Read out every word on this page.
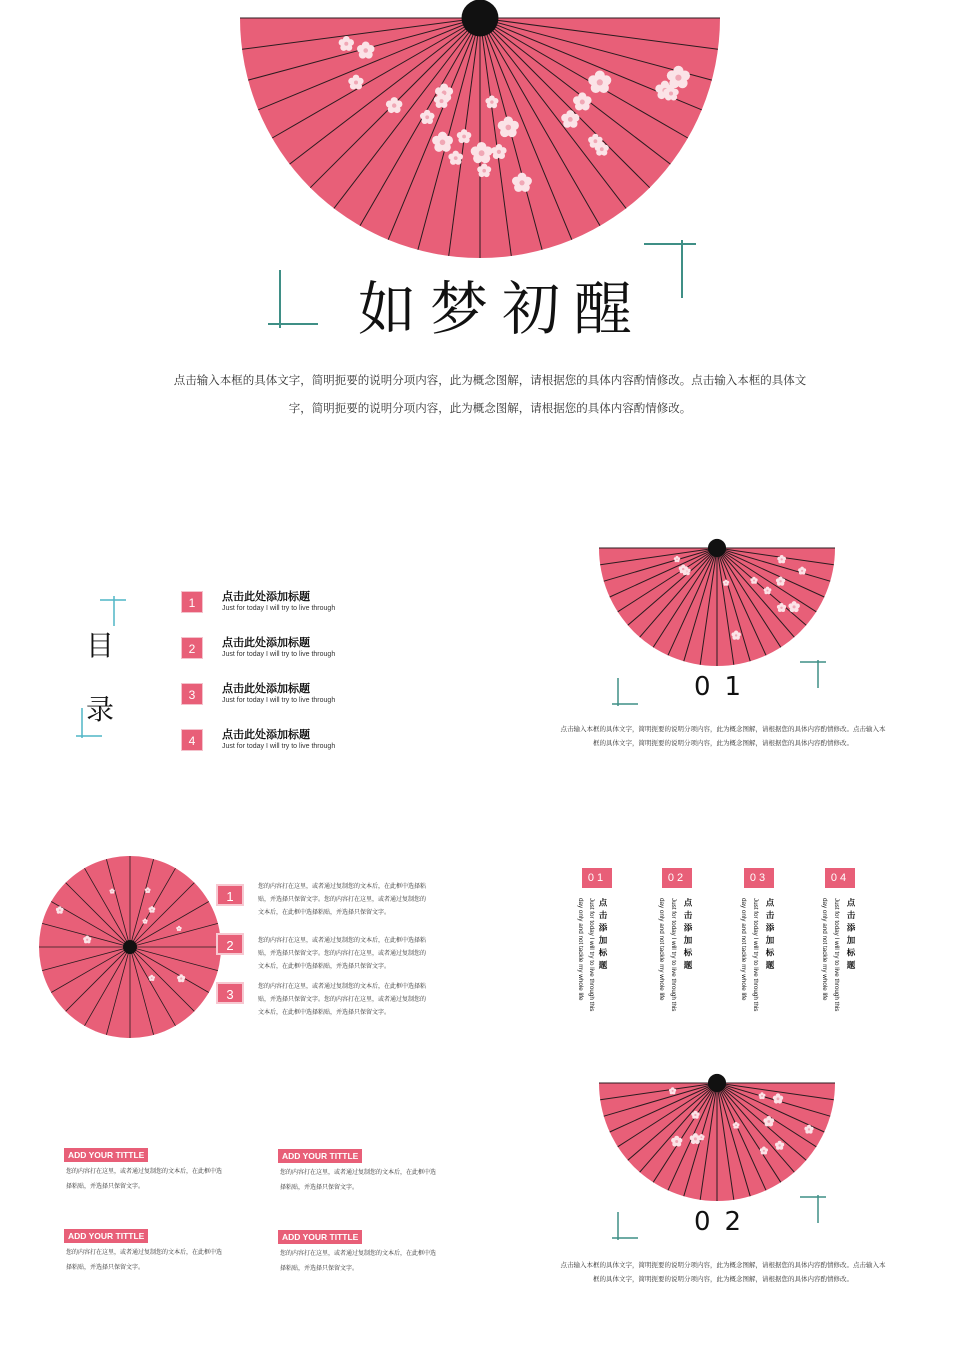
如梦初醒
点击输入本框的具体文字，简明扼要的说明分项内容，此为概念图解，请根据您的具体内容酌情修改。点击输入本框的具体文字，简明扼要的说明分项内容，此为概念图解，请根据您的具体内容酌情修改。
目
录
1	点击此处添加标题
Just for today I will try to live through
2	点击此处添加标题
Just for today I will try to live through
3	点击此处添加标题
Just for today I will try to live through
4	点击此处添加标题
Just for today I will try to live through
01
点击输入本框的具体文字，简明扼要的说明分项内容，此为概念图解，请根据您的具体内容酌情修改。点击输入本框的具体文字，简明扼要的说明分项内容，此为概念图解，请根据您的具体内容酌情修改。
1
您的内容打在这里，或者通过复制您的文本后，在此框中选择粘贴，并选择只保留文字。您的内容打在这里，或者通过复制您的文本后，在此框中选择粘贴，并选择只保留文字。
2	您的内容打在这里，或者通过复制您的文本后，在此框中选择粘贴，并选择只保留文字。您的内容打在这里，或者通过复制您的文本后，在此框中选择粘贴，并选择只保留文字。
3
您的内容打在这里，或者通过复制您的文本后，在此框中选择粘贴，并选择只保留文字。您的内容打在这里，或者通过复制您的文本后，在此框中选择粘贴，并选择只保留文字。
01
点击添加标题
Just for today I will try to live through this
day only and not tackle my whole life
02
点击添加标题
Just for today I will try to live through this
day only and not tackle my whole life
03
点击添加标题
Just for today I will try to live through this
day only and not tackle my whole life
04
点击添加标题
Just for today I will try to live through this
day only and not tackle my whole life
ADD YOUR TITTLE
您的内容打在这里，或者通过复制您的文本后，在此框中选择粘贴，并选择只保留文字。
ADD YOUR TITTLE
您的内容打在这里，或者通过复制您的文本后，在此框中选择粘贴，并选择只保留文字。
ADD YOUR TITTLE
您的内容打在这里，或者通过复制您的文本后，在此框中选择粘贴，并选择只保留文字。
ADD YOUR TITTLE
您的内容打在这里，或者通过复制您的文本后，在此框中选择粘贴，并选择只保留文字。
02
点击输入本框的具体文字，简明扼要的说明分项内容，此为概念图解，请根据您的具体内容酌情修改。点击输入本框的具体文字，简明扼要的说明分项内容，此为概念图解，请根据您的具体内容酌情修改。
